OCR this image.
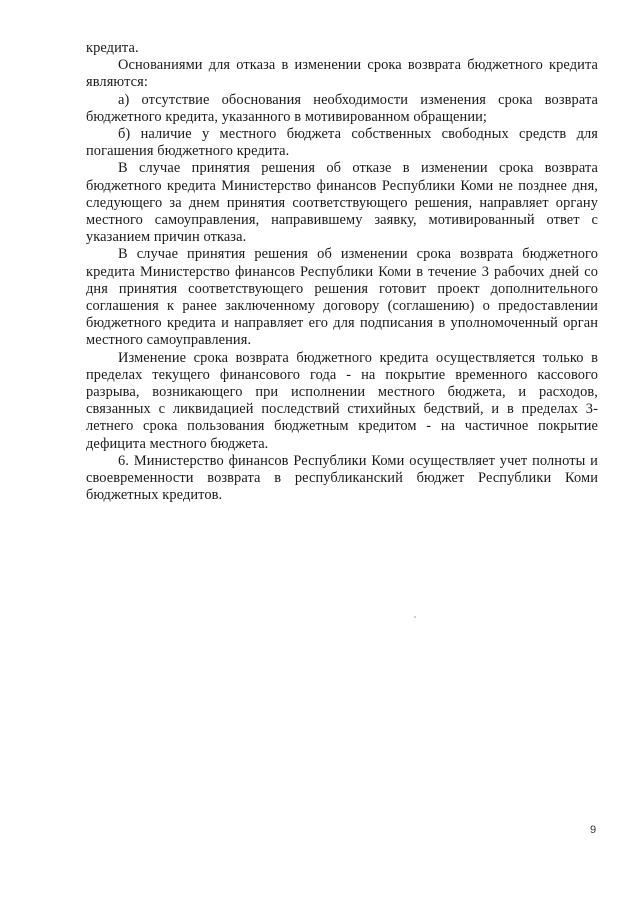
кредита.

Основаниями для отказа в изменении срока возврата бюджетного кредита являются:

а) отсутствие обоснования необходимости изменения срока возврата бюджетного кредита, указанного в мотивированном обращении;

б) наличие у местного бюджета собственных свободных средств для погашения бюджетного кредита.

В случае принятия решения об отказе в изменении срока возврата бюджетного кредита Министерство финансов Республики Коми не позднее дня, следующего за днем принятия соответствующего решения, направляет органу местного самоуправления, направившему заявку, мотивированный ответ с указанием причин отказа.

В случае принятия решения об изменении срока возврата бюджетного кредита Министерство финансов Республики Коми в течение 3 рабочих дней со дня принятия соответствующего решения готовит проект дополнительного соглашения к ранее заключенному договору (соглашению) о предоставлении бюджетного кредита и направляет его для подписания в уполномоченный орган местного самоуправления.

Изменение срока возврата бюджетного кредита осуществляется только в пределах текущего финансового года - на покрытие временного кассового разрыва, возникающего при исполнении местного бюджета, и расходов, связанных с ликвидацией последствий стихийных бедствий, и в пределах 3-летнего срока пользования бюджетным кредитом - на частичное покрытие дефицита местного бюджета.

6. Министерство финансов Республики Коми осуществляет учет полноты и своевременности возврата в республиканский бюджет Республики Коми бюджетных кредитов.

9
